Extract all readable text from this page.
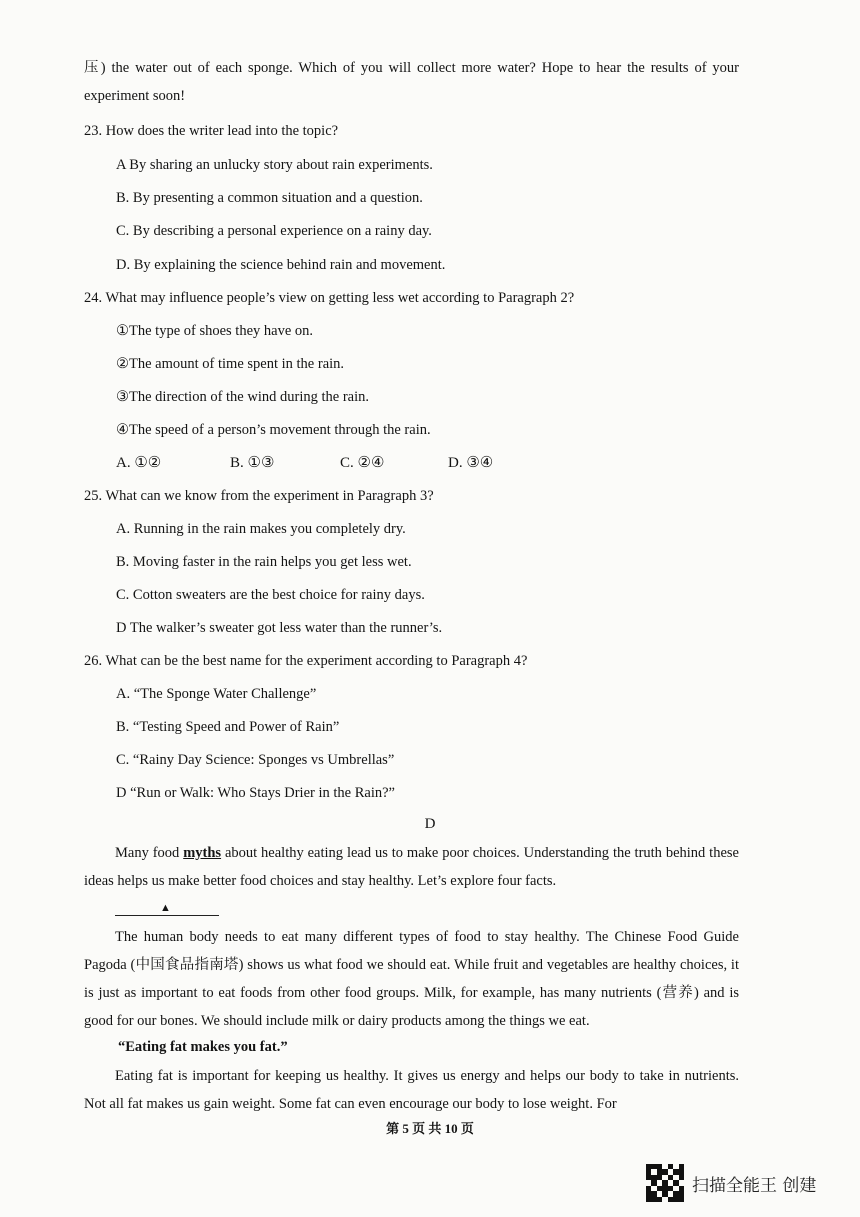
压) the water out of each sponge. Which of you will collect more water? Hope to hear the results of your experiment soon!
23. How does the writer lead into the topic?
A By sharing an unlucky story about rain experiments.
B. By presenting a common situation and a question.
C. By describing a personal experience on a rainy day.
D. By explaining the science behind rain and movement.
24. What may influence people’s view on getting less wet according to Paragraph 2?
①The type of shoes they have on.
②The amount of time spent in the rain.
③The direction of the wind during the rain.
④The speed of a person’s movement through the rain.
A. ①②	B. ①③	C. ②④	D. ③④
25. What can we know from the experiment in Paragraph 3?
A. Running in the rain makes you completely dry.
B. Moving faster in the rain helps you get less wet.
C. Cotton sweaters are the best choice for rainy days.
D The walker’s sweater got less water than the runner’s.
26. What can be the best name for the experiment according to Paragraph 4?
A. “The Sponge Water Challenge”
B. “Testing Speed and Power of Rain”
C. “Rainy Day Science: Sponges vs Umbrellas”
D “Run or Walk: Who Stays Drier in the Rain?”
D
Many food myths about healthy eating lead us to make poor choices. Understanding the truth behind these ideas helps us make better food choices and stay healthy. Let’s explore four facts.
▲
The human body needs to eat many different types of food to stay healthy. The Chinese Food Guide Pagoda (中国食品指南塔) shows us what food we should eat. While fruit and vegetables are healthy choices, it is just as important to eat foods from other food groups. Milk, for example, has many nutrients (营养) and is good for our bones. We should include milk or dairy products among the things we eat.
“Eating fat makes you fat.”
Eating fat is important for keeping us healthy. It gives us energy and helps our body to take in nutrients. Not all fat makes us gain weight. Some fat can even encourage our body to lose weight. For
第 5 页 共 10 页
扫描全能王 创建
